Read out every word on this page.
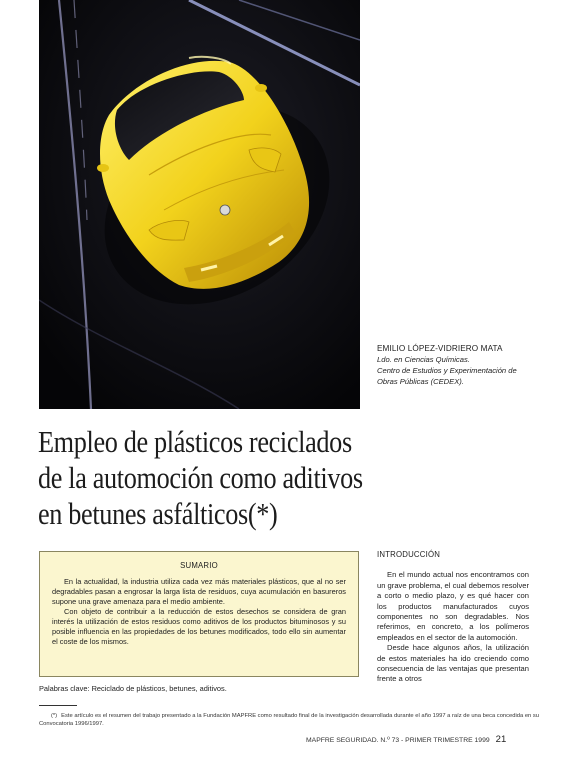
EMILIO LÓPEZ-VIDRIERO MATA
Ldo. en Ciencias Químicas.
Centro de Estudios y Experimentación de
Obras Públicas (CEDEX).
Empleo de plásticos reciclados
de la automoción como aditivos
en betunes asfálticos(*)
SUMARIO

En la actualidad, la industria utiliza cada vez más materiales plásticos, que al no ser degradables pasan a engrosar la larga lista de residuos, cuya acumulación en basureros supone una grave amenaza para el medio ambiente.

Con objeto de contribuir a la reducción de estos desechos se considera de gran interés la utilización de estos residuos como aditivos de los productos bituminosos y su posible influencia en las propiedades de los betunes modificados, todo ello sin aumentar el coste de los mismos.

Palabras clave: Reciclado de plásticos, betunes, aditivos.
INTRODUCCIÓN

En el mundo actual nos encontramos con un grave problema, el cual debemos resolver a corto o medio plazo, y es qué hacer con los productos manufacturados cuyos componentes no son degradables. Nos referimos, en concreto, a los polímeros empleados en el sector de la automoción.

Desde hace algunos años, la utilización de estos materiales ha ido creciendo como consecuencia de las ventajas que presentan frente a otros

(*) Este artículo es el resumen del trabajo presentado a la Fundación MAPFRE como resultado final de la investigación desarrollada durante el año 1997 a raíz de una beca concedida en su Convocatoria 1996/1997.
MAPFRE SEGURIDAD. N.º 73 - PRIMER TRIMESTRE 1999 21
